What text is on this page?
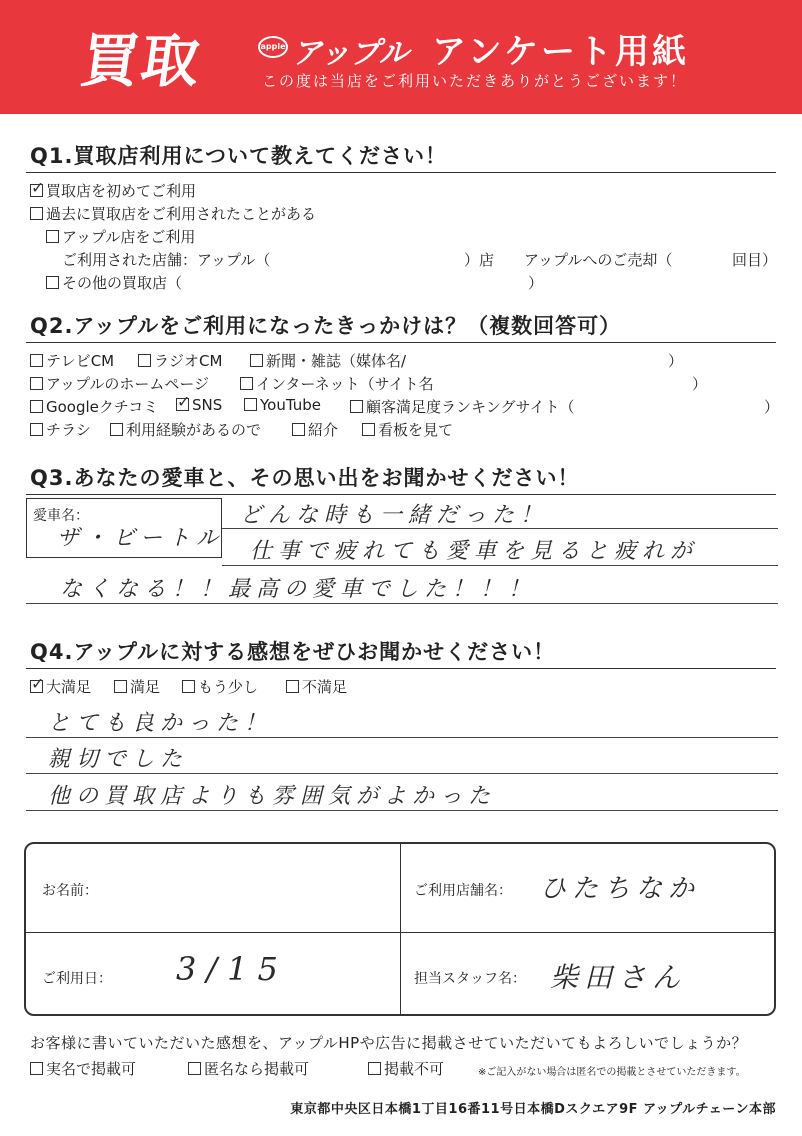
買取	apple アップル アンケート用紙
この度は当店をご利用いただきありがとうございます！
Q1.買取店利用について教えてください！
✓買取店を初めてご利用
過去に買取店をご利用されたことがある
アップル店をご利用
ご利用された店舗：アップル（	）店 アップルへのご売却（	回目）
その他の買取店（	）
Q2.アップルをご利用になったきっかけは？（複数回答可）
テレビCM	ラジオCM	新聞・雑誌（媒体名/	）
アップルのホームページ	インターネット（サイト名	）
Googleクチコミ
✓	SNS	YouTube	顧客満足度ランキングサイト（	）
チラシ	利用経験があるので	紹介	看板を見て
Q3.あなたの愛車と、その思い出をお聞かせください！
愛車名：
ザ・ビートル
どんな時も一緒だった！
仕事で疲れても愛車を見ると疲れが
なくなる！！最高の愛車でした！！！
Q4.アップルに対する感想をぜひお聞かせください！
✓大満足	満足	もう少し	不満足
とても良かった！
親切でした
他の買取店よりも雰囲気がよかった
お名前：	ご利用店舗名： ひたちなか
ご利用日： 3/15	担当スタッフ名： 柴田さん
お客様に書いていただいた感想を、アップルHPや広告に掲載させていただいてもよろしいでしょうか？
実名で掲載可	匿名なら掲載可	掲載不可	※ご記入がない場合は匿名での掲載とさせていただきます。
東京都中央区日本橋1丁目16番11号日本橋Dスクエア9F アップルチェーン本部
